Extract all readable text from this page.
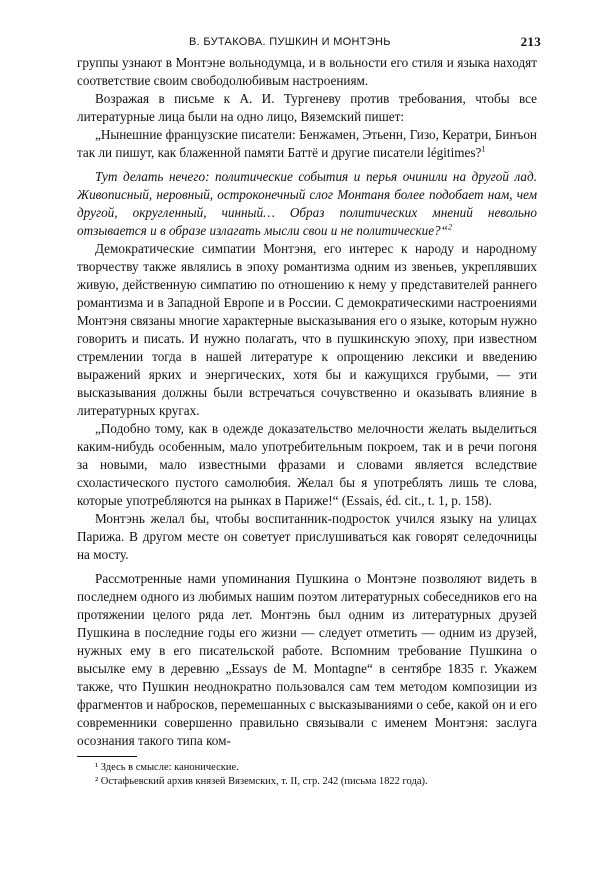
В. БУТАКОВА. ПУШКИН И МОНТЭНЬ	213

группы узнают в Монтэне вольнодумца, и в вольности его стиля и языка находят соответствие своим свободолюбивым настроениям.

Возражая в письме к А. И. Тургеневу против требования, чтобы все литературные лица были на одно лицо, Вяземский пишет:

„Нынешние французские писатели: Бенжамен, Этьенн, Гизо, Кератри, Бинъон так ли пишут, как блаженной памяти Баттё и другие писатели légitimes?$^1$

Тут делать нечего: политические события и перья очинили на другой лад. Живописный, неровный, остроконечный слог Монтаня более подобает нам, чем другой, округленный, чинный… Образ политических мнений невольно отзывается и в образе излагать мысли свои и не политические?“$^2$

Демократические симпатии Монтэня, его интерес к народу и народному творчеству также являлись в эпоху романтизма одним из звеньев, укреплявших живую, действенную симпатию по отношению к нему у представителей раннего романтизма и в Западной Европе и в России. С демократическими настроениями Монтэня связаны многие характерные высказывания его о языке, которым нужно говорить и писать. И нужно полагать, что в пушкинскую эпоху, при известном стремлении тогда в нашей литературе к опрощению лексики и введению выражений ярких и энергических, хотя бы и кажущихся грубыми, — эти высказывания должны были встречаться сочувственно и оказывать влияние в литературных кругах.

„Подобно тому, как в одежде доказательство мелочности желать выделиться каким-нибудь особенным, мало употребительным покроем, так и в речи погоня за новыми, мало известными фразами и словами является вследствие схоластического пустого самолюбия. Желал бы я употреблять лишь те слова, которые употребляются на рынках в Париже!“ (Essais, éd. cit., t. 1, p. 158).

Монтэнь желал бы, чтобы воспитанник-подросток учился языку на улицах Парижа. В другом месте он советует прислушиваться как говорят селедочницы на мосту.

Рассмотренные нами упоминания Пушкина о Монтэне позволяют видеть в последнем одного из любимых нашим поэтом литературных собеседников его на протяжении целого ряда лет. Монтэнь был одним из литературных друзей Пушкина в последние годы его жизни — следует отметить — одним из друзей, нужных ему в его писательской работе. Вспомним требование Пушкина о высылке ему в деревню „Essays de M. Montagne“ в сентябре 1835 г. Укажем также, что Пушкин неоднократно пользовался сам тем методом композиции из фрагментов и набросков, перемешанных с высказываниями о себе, какой он и его современники совершенно правильно связывали с именем Монтэня: заслуга осознания такого типа ком-

¹ Здесь в смысле: канонические.

² Остафьевский архив князей Вяземских, т. II, стр. 242 (письма 1822 года).
